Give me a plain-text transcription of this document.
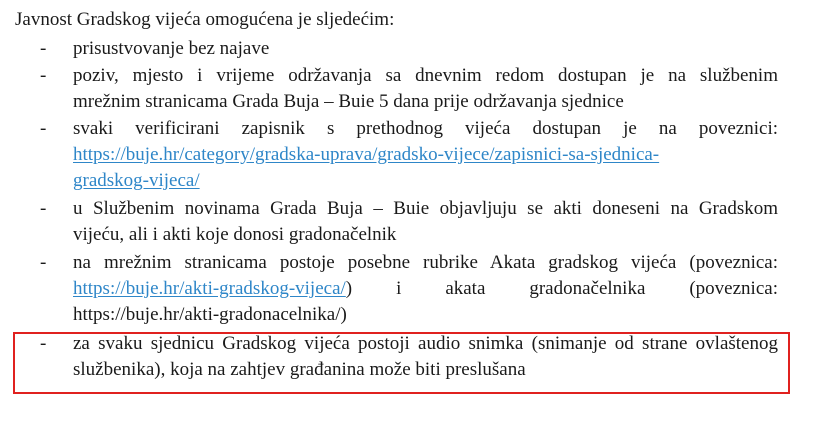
Javnost Gradskog vijeća omogućena je sljedećim:
- prisustvovanje bez najave
- poziv, mjesto i vrijeme održavanja sa dnevnim redom dostupan je na službenim
mrežnim stranicama Grada Buja – Buie 5 dana prije održavanja sjednice
- svaki verificirani zapisnik s prethodnog vijeća dostupan je na poveznici:
https://buje.hr/category/gradska-uprava/gradsko-vijece/zapisnici-sa-sjednica-
gradskog-vijeca/
- u Službenim novinama Grada Buja – Buie objavljuju se akti doneseni na Gradskom
vijeću, ali i akti koje donosi gradonačelnik
- na mrežnim stranicama postoje posebne rubrike Akata gradskog vijeća (poveznica:
https://buje.hr/akti-gradskog-vijeca/) i akata gradonačelnika (poveznica:
https://buje.hr/akti-gradonacelnika/)
- za svaku sjednicu Gradskog vijeća postoji audio snimka (snimanje od strane ovlaštenog
službenika), koja na zahtjev građanina može biti preslušana
